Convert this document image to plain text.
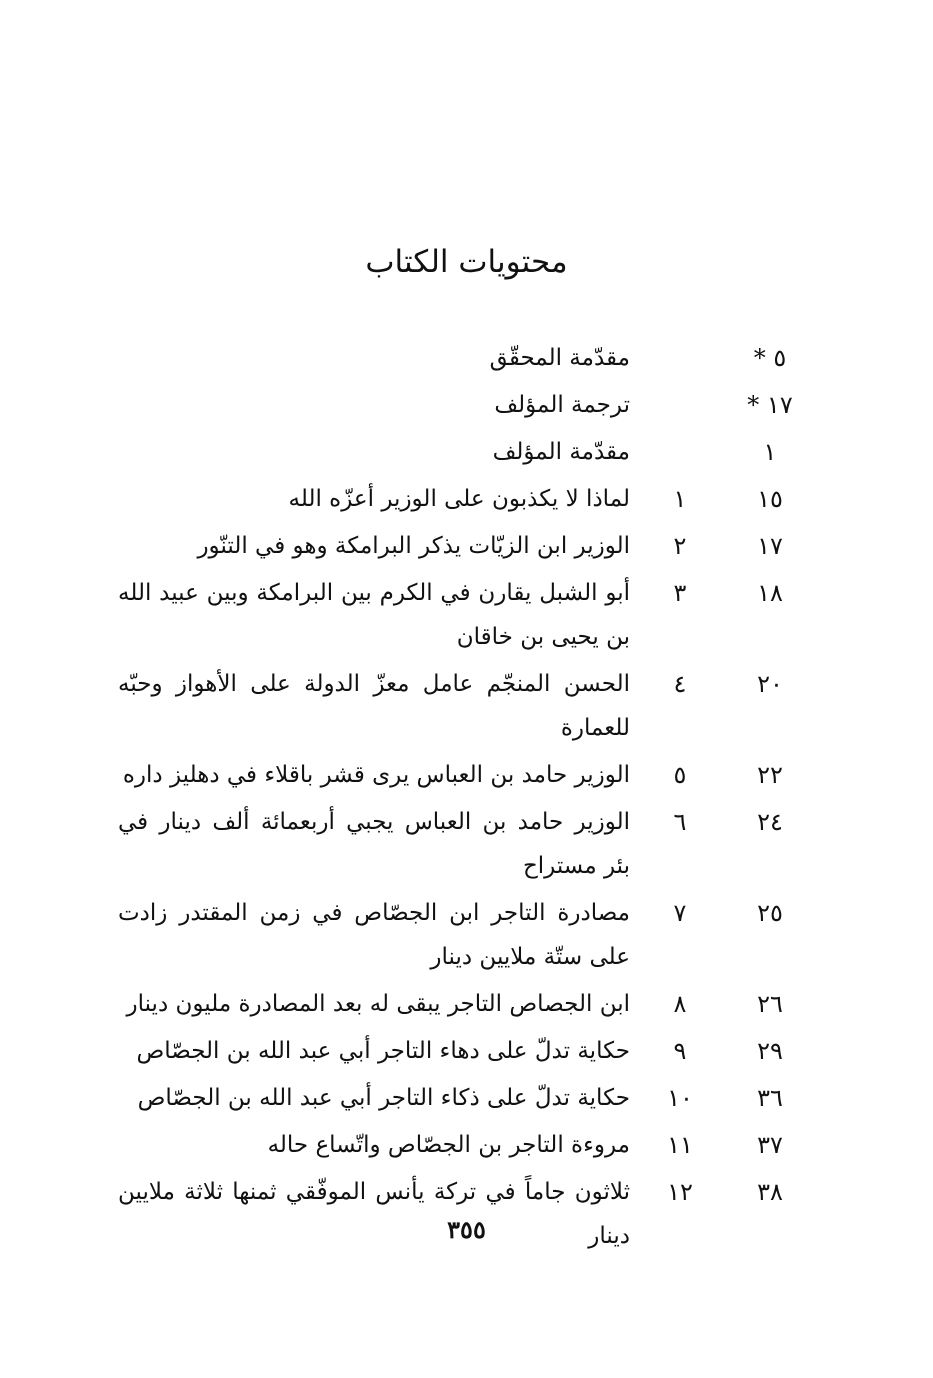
محتويات الكتاب
٥ *
مقدّمة المحقّق
١٧ *
ترجمة المؤلف
١
مقدّمة المؤلف
١٥
١
لماذا لا يكذبون على الوزير أعزّه الله
١٧
٢
الوزير ابن الزيّات يذكر البرامكة وهو في التنّور
١٨
٣
أبو الشبل يقارن في الكرم بين البرامكة وبين عبيد الله بن يحيى بن خاقان
٢٠
٤
الحسن المنجّم عامل معزّ الدولة على الأهواز وحبّه للعمارة
٢٢
٥
الوزير حامد بن العباس يرى قشر باقلاء في دهليز داره
٢٤
٦
الوزير حامد بن العباس يجبي أربعمائة ألف دينار في بئر مستراح
٢٥
٧
مصادرة التاجر ابن الجصّاص في زمن المقتدر زادت على ستّة ملايين دينار
٢٦
٨
ابن الجصاص التاجر يبقى له بعد المصادرة مليون دينار
٢٩
٩
حكاية تدلّ على دهاء التاجر أبي عبد الله بن الجصّاص
٣٦
١٠
حكاية تدلّ على ذكاء التاجر أبي عبد الله بن الجصّاص
٣٧
١١
مروءة التاجر بن الجصّاص واتّساع حاله
٣٨
١٢
ثلاثون جاماً في تركة يأنس الموفّقي ثمنها ثلاثة ملايين دينار
٣٥٥
